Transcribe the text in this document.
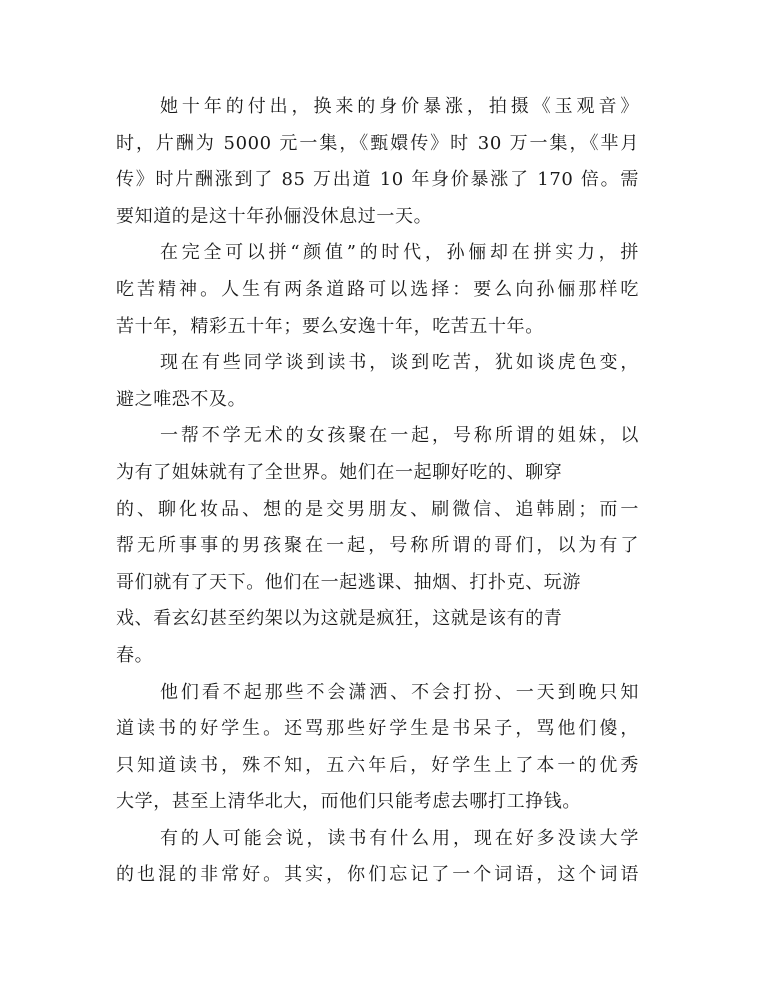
她十年的付出，换来的身价暴涨，拍摄《玉观音》
时，片酬为 5000 元一集，《甄嬛传》时 30 万一集，《芈月
传》时片酬涨到了 85 万出道 10 年身价暴涨了 170 倍。需
要知道的是这十年孙俪没休息过一天。
在完全可以拼“颜值”的时代，孙俪却在拼实力，拼
吃苦精神。人生有两条道路可以选择：要么向孙俪那样吃
苦十年，精彩五十年；要么安逸十年，吃苦五十年。
现在有些同学谈到读书，谈到吃苦，犹如谈虎色变，
避之唯恐不及。
一帮不学无术的女孩聚在一起，号称所谓的姐妹，以
为有了姐妹就有了全世界。她们在一起聊好吃的、聊穿
的、聊化妆品、想的是交男朋友、刷微信、追韩剧；而一
帮无所事事的男孩聚在一起，号称所谓的哥们，以为有了
哥们就有了天下。他们在一起逃课、抽烟、打扑克、玩游
戏、看玄幻甚至约架以为这就是疯狂，这就是该有的青
春。
他们看不起那些不会潇洒、不会打扮、一天到晚只知
道读书的好学生。还骂那些好学生是书呆子，骂他们傻，
只知道读书，殊不知，五六年后，好学生上了本一的优秀
大学，甚至上清华北大，而他们只能考虑去哪打工挣钱。
有的人可能会说，读书有什么用，现在好多没读大学
的也混的非常好。其实，你们忘记了一个词语，这个词语
